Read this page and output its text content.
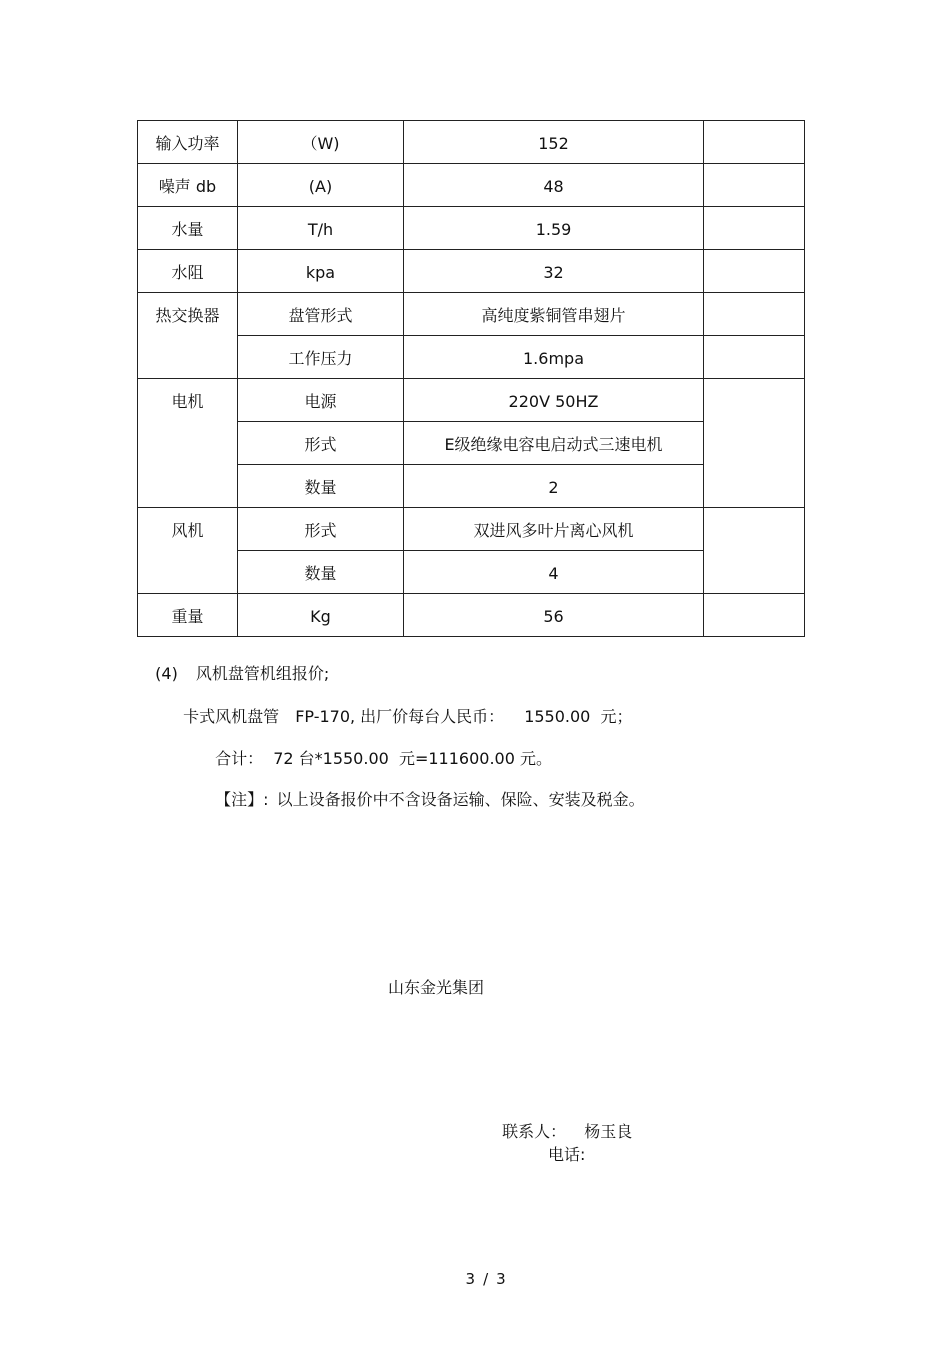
输入功率	（W)	152	
噪声 db	(A)	48	
水量	T/h	1.59	
水阻	kpa	32	
热交换器	盘管形式	高纯度紫铜管串翅片	
	工作压力	1.6mpa	
电机	电源	220V 50HZ	
	形式	E级绝缘电容电启动式三速电机	
	数量	2	
风机	形式	双进风多叶片离心风机	
	数量	4	
重量	Kg	56	

(4) 风机盘管机组报价;

卡式风机盘管 FP-170, 出厂价每台人民币： 1550.00  元；

合计： 72 台*1550.00  元=111600.00 元。

【注】: 以上设备报价中不含设备运输、保险、安装及税金。

山东金光集团

联系人： 杨玉良

电话:

3 / 3
